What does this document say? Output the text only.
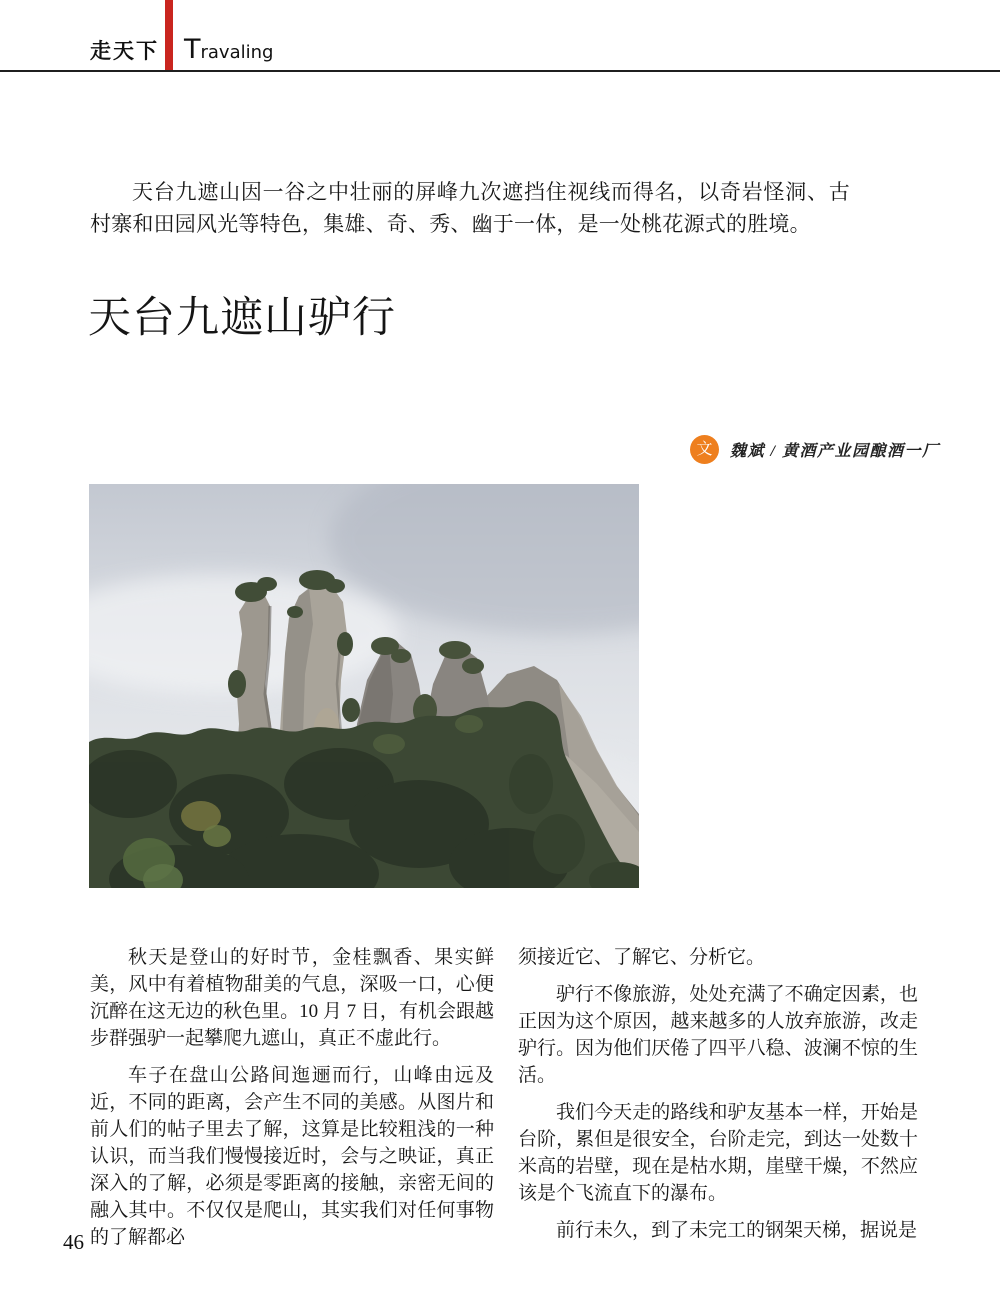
走天下 Travaling

天台九遮山因一谷之中壮丽的屏峰九次遮挡住视线而得名，以奇岩怪洞、古村寨和田园风光等特色，集雄、奇、秀、幽于一体，是一处桃花源式的胜境。

天台九遮山驴行
文	魏斌 / 黄酒产业园酿酒一厂

秋天是登山的好时节，金桂飘香、果实鲜美，风中有着植物甜美的气息，深吸一口，心便沉醉在这无边的秋色里。10 月 7 日，有机会跟越步群强驴一起攀爬九遮山，真正不虚此行。

车子在盘山公路间迤逦而行，山峰由远及近，不同的距离，会产生不同的美感。从图片和前人们的帖子里去了解，这算是比较粗浅的一种认识，而当我们慢慢接近时，会与之映证，真正深入的了解，必须是零距离的接触，亲密无间的融入其中。不仅仅是爬山，其实我们对任何事物的了解都必

须接近它、了解它、分析它。

驴行不像旅游，处处充满了不确定因素，也正因为这个原因，越来越多的人放弃旅游，改走驴行。因为他们厌倦了四平八稳、波澜不惊的生活。

我们今天走的路线和驴友基本一样，开始是台阶，累但是很安全，台阶走完，到达一处数十米高的岩壁，现在是枯水期，崖壁干燥，不然应该是个飞流直下的瀑布。

前行未久，到了未完工的钢架天梯，据说是

46
